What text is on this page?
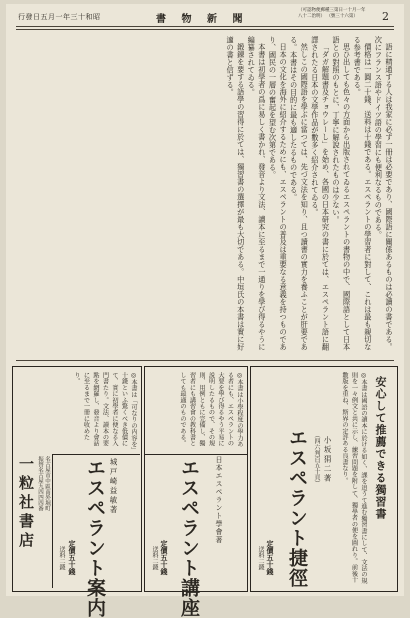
行發日五月一年三十和昭	書 物 新 聞
（可認物便郵種三第日一十月一年八十二治明） （號三十六第）	2

語に精通する人は我家に必ず一冊は必要であり、國際語に關係あるものは必讀の書である。次にフランス語やドイツ語の學習にも便利なるものである。

價格は一圓二十錢、送料は十錢である。エスペラントの學習者に對して、これは最も親切なる参考書である。

思ひ出しても色々の方面から出版されてゐるエスペラントの書物の中で、國際語として日本語との對照のもとに、丁寧に解說されたものは少ない。

「ダガ解題書及チョウレーし」を始め、各國の日本研究の書に於ては、エスペラント語に翻譯されたる日本の文學作品が數多く紹介されてゐる。

然しこの國際語を學ぶに當つては、先づ文法を知り、且つ讀書の實力を養ふことが肝要である。本書はその目的に最も適したるものである。

日本の文化を海外に紹介するためにも、エスペラントの普及は重要なる意義を持つものであり、國民の一層の奮起を望む次第である。

本書は初學者の爲に易しく書かれ、發音より文法、讀本に至るまで一通りを學び得るやうに編纂されてゐる。

鍛錬を要する語學の習得に於ては、獨習書の選擇が最も大切である。中垣氏の本書は實に好適の書と信ずる。

一粒社書店 振替名古屋九四四四番 名古屋市中區南外堀町
送料二錢 定價五十錢 エスペラント案内 城戸崎益敏著
◎本書は「可なりの内容を」十錢といふ驚くべき低價にて、實に初學者に便なる入門書たり。文法、讀本の要點を網羅し、發音より會話に至るまで一冊に收めたり。
送料二錢 定價五十錢 エスペラント講座	日本エスペラント學會著
◎本書は小學程度の學力ある者にも、エスペラントの大要を學び得るやう平易に説明したるもので、その規則、用例ともに完備し、獨習者にも講習會の教科書としても最適のものである。
送料二錢 定價五十錢 エスペラント捷徑 （四六判百五十頁） 小坂狷二著	安心して推薦できる獨習書
◎本書は國語の讀本に於ける如く、課を追うて進む獨習書にして、文法の規則を一々例文と共に示し、練習問題を附して、獨學者の便を圖れり。前後十數版を重ね、斯界の定評ある良書なり。
